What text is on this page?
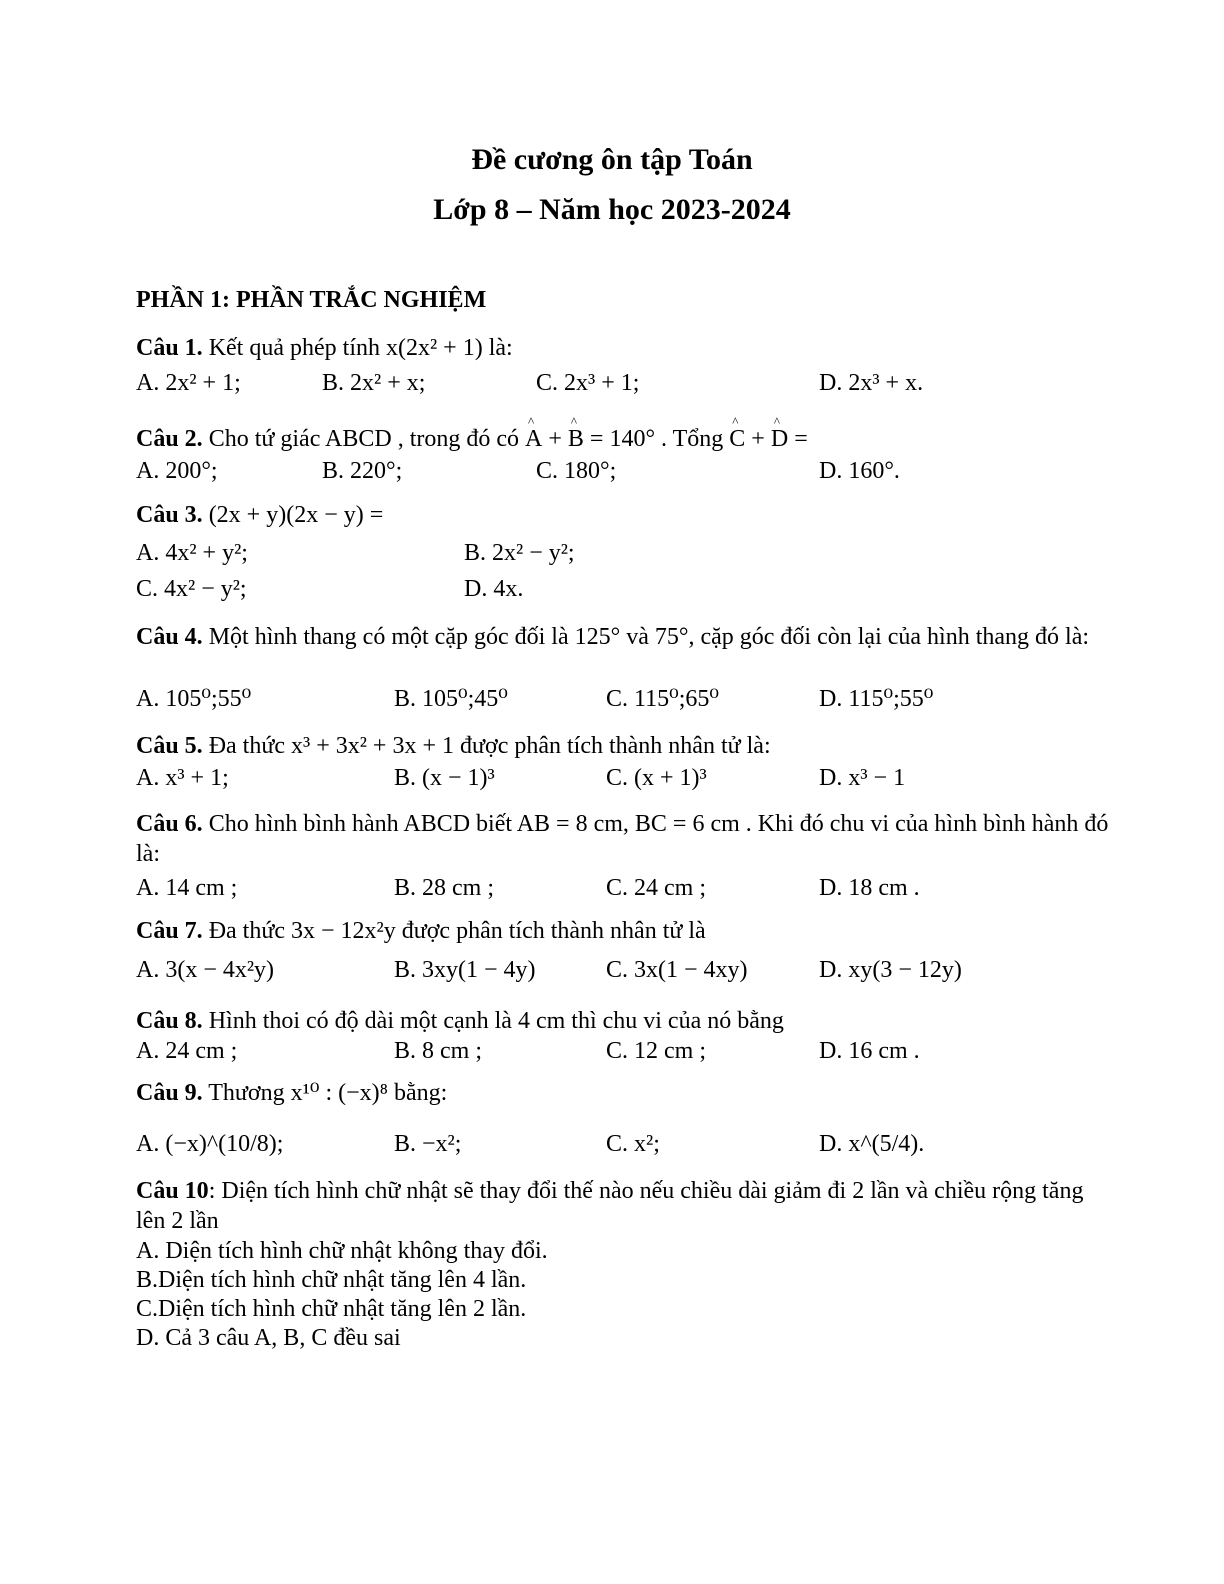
Đề cương ôn tập Toán
Lớp 8 – Năm học 2023-2024
PHẦN 1: PHẦN TRẮC NGHIỆM
Câu 1. Kết quả phép tính x(2x² + 1) là:
A. 2x² + 1;	B. 2x² + x;	C. 2x³ + 1;	D. 2x³ + x.
Câu 2. Cho tứ giác ABCD , trong đó có ^ A + ^ B = 140° . Tổng ^ C + ^ D =
A. 200°;	B. 220°;	C. 180°;	D. 160°.
Câu 3. (2x + y)(2x − y) =
A. 4x² + y²;	B. 2x² − y²;
C. 4x² − y²;	D. 4x.
Câu 4. Một hình thang có một cặp góc đối là 125° và 75°, cặp góc đối còn lại của hình thang đó là:
A. 105⁰;55⁰	B. 105⁰;45⁰	C. 115⁰;65⁰	D. 115⁰;55⁰
Câu 5. Đa thức x³ + 3x² + 3x + 1 được phân tích thành nhân tử là:
A. x³ + 1;	B. (x − 1)³	C. (x + 1)³	D. x³ − 1
Câu 6. Cho hình bình hành ABCD biết AB = 8 cm, BC = 6 cm . Khi đó chu vi của hình bình hành đó là:
A. 14 cm ;	B. 28 cm ;	C. 24 cm ;	D. 18 cm .
Câu 7. Đa thức 3x − 12x²y được phân tích thành nhân tử là
A. 3(x − 4x²y)	B. 3xy(1 − 4y)	C. 3x(1 − 4xy)	D. xy(3 − 12y)
Câu 8. Hình thoi có độ dài một cạnh là 4 cm thì chu vi của nó bằng
A. 24 cm ;	B. 8 cm ;	C. 12 cm ;	D. 16 cm .
Câu 9. Thương x¹⁰ : (−x)⁸ bằng:
A. (−x)^(10/8);	B. −x²;	C. x²;	D. x^(5/4).
Câu 10: Diện tích hình chữ nhật sẽ thay đổi thế nào nếu chiều dài giảm đi 2 lần và chiều rộng tăng lên 2 lần
A. Diện tích hình chữ nhật không thay đổi.
B.Diện tích hình chữ nhật tăng lên 4 lần.
C.Diện tích hình chữ nhật tăng lên 2 lần.
D. Cả 3 câu A, B, C đều sai
